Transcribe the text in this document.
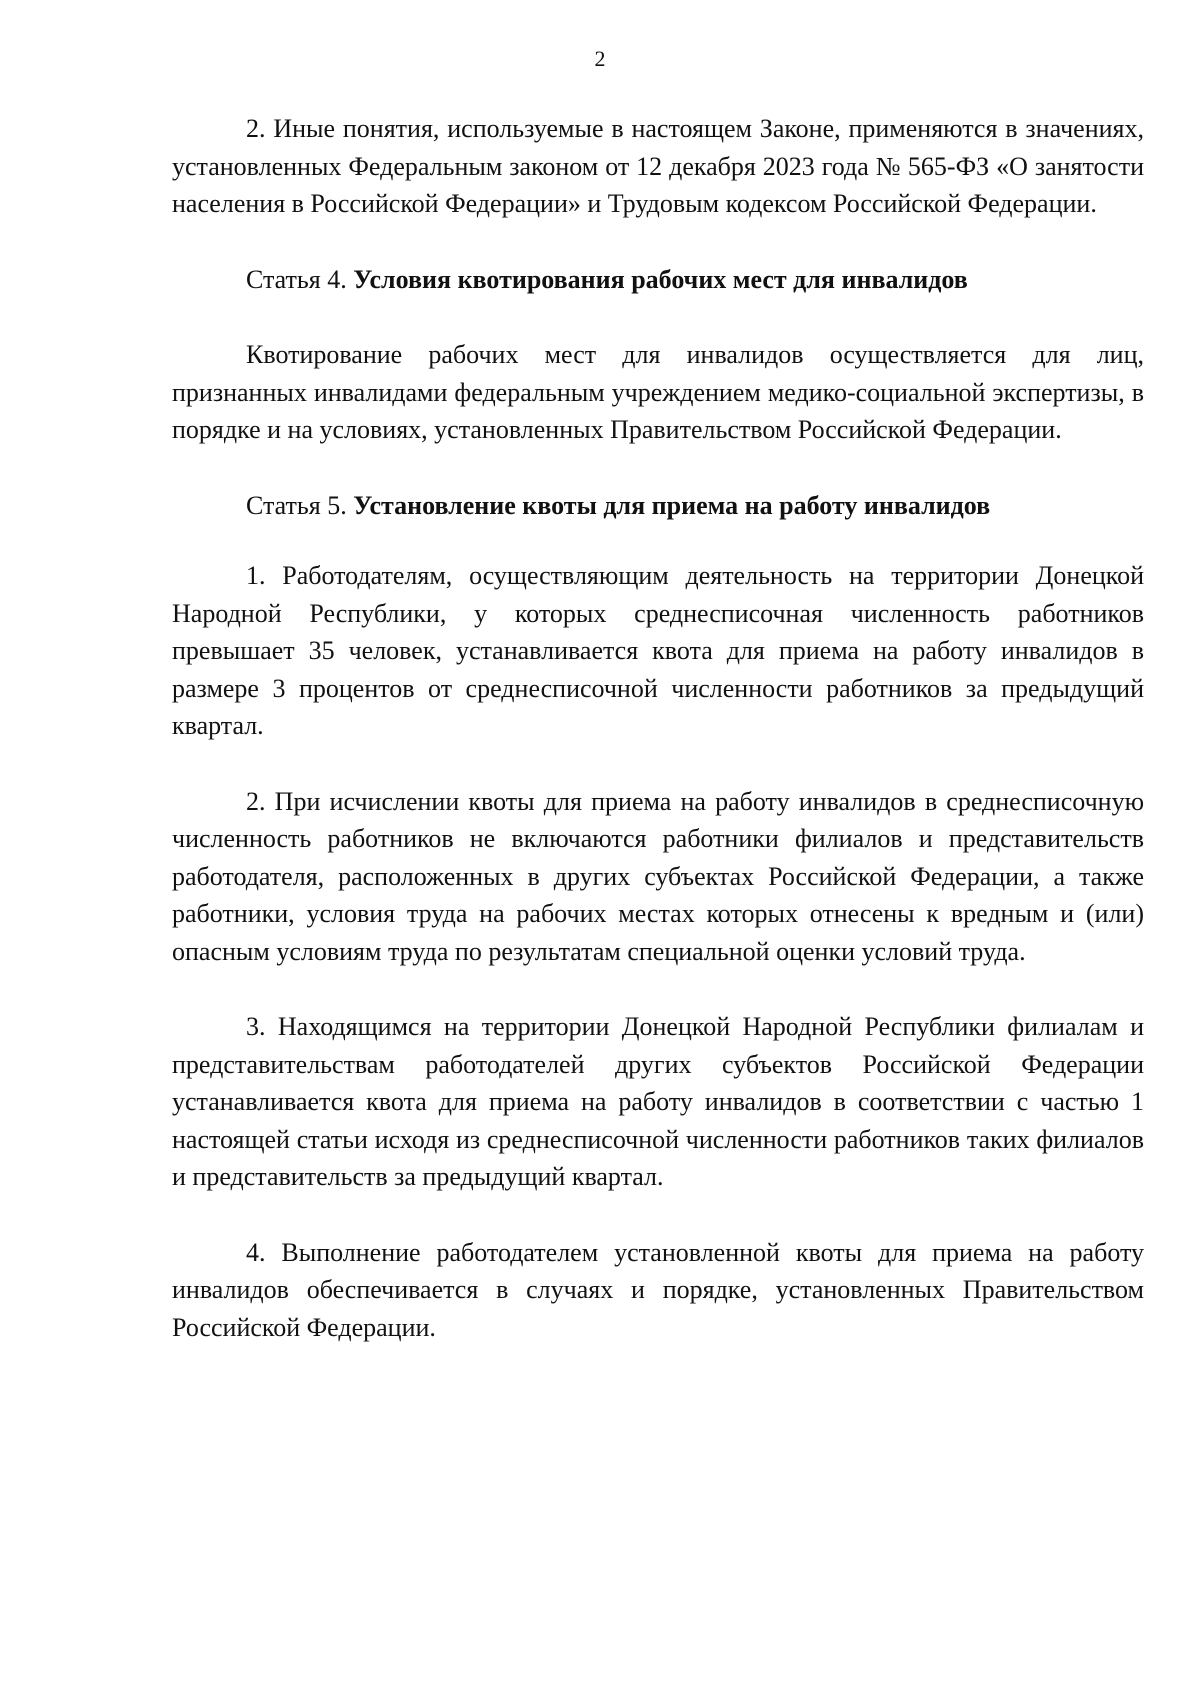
2

2. Иные понятия, используемые в настоящем Законе, применяются в значениях, установленных Федеральным законом от 12 декабря 2023 года № 565-ФЗ «О занятости населения в Российской Федерации» и Трудовым кодексом Российской Федерации.

Статья 4. Условия квотирования рабочих мест для инвалидов

Квотирование рабочих мест для инвалидов осуществляется для лиц, признанных инвалидами федеральным учреждением медико-социальной экспертизы, в порядке и на условиях, установленных Правительством Российской Федерации.

Статья 5. Установление квоты для приема на работу инвалидов

1. Работодателям, осуществляющим деятельность на территории Донецкой Народной Республики, у которых среднесписочная численность работников превышает 35 человек, устанавливается квота для приема на работу инвалидов в размере 3 процентов от среднесписочной численности работников за предыдущий квартал.

2. При исчислении квоты для приема на работу инвалидов в среднесписочную численность работников не включаются работники филиалов и представительств работодателя, расположенных в других субъектах Российской Федерации, а также работники, условия труда на рабочих местах которых отнесены к вредным и (или) опасным условиям труда по результатам специальной оценки условий труда.

3. Находящимся на территории Донецкой Народной Республики филиалам и представительствам работодателей других субъектов Российской Федерации устанавливается квота для приема на работу инвалидов в соответствии с частью 1 настоящей статьи исходя из среднесписочной численности работников таких филиалов и представительств за предыдущий квартал.

4. Выполнение работодателем установленной квоты для приема на работу инвалидов обеспечивается в случаях и порядке, установленных Правительством Российской Федерации.
